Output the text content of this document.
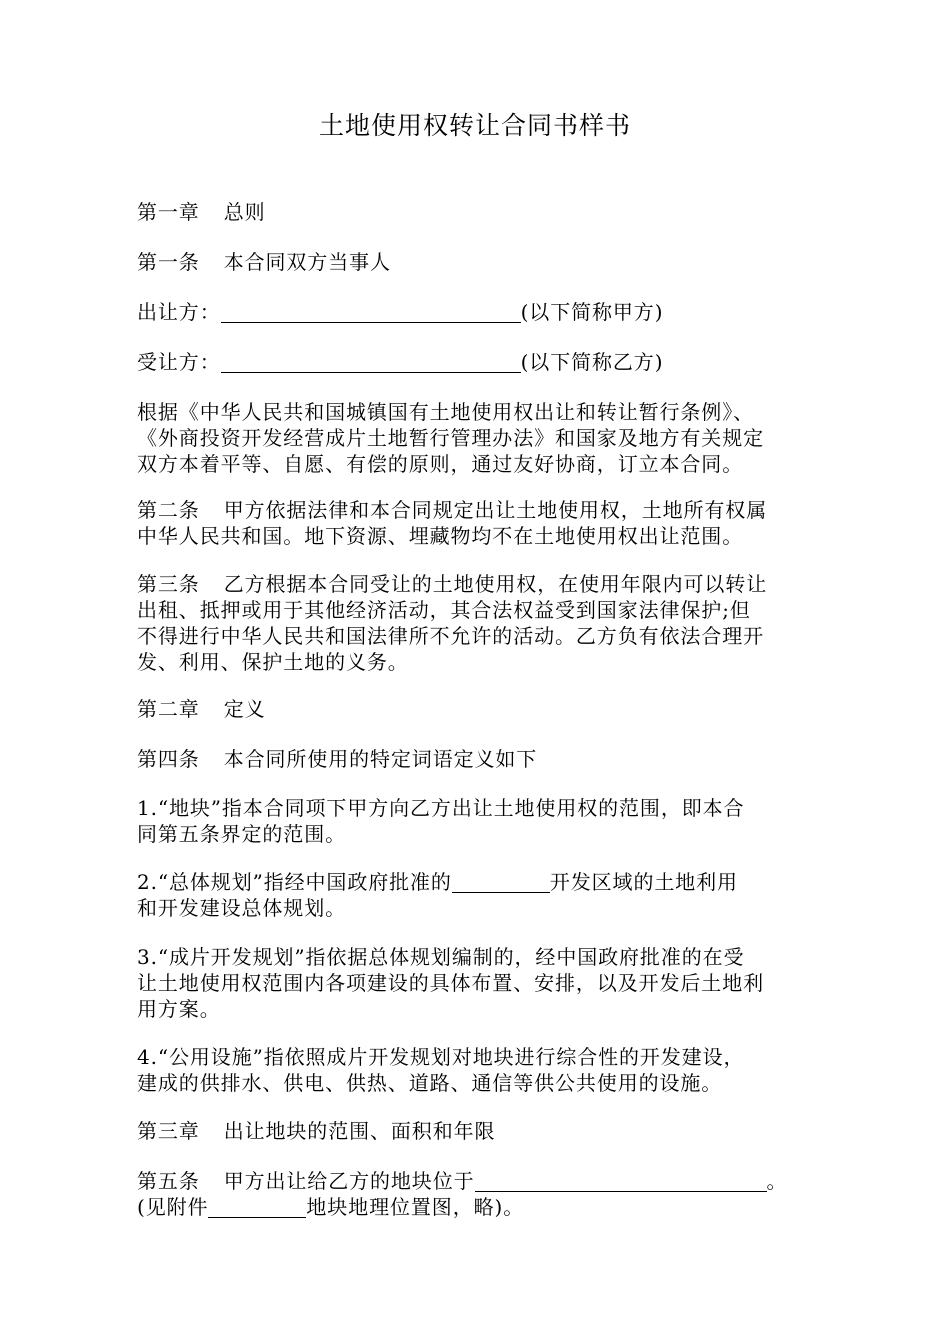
土地使用权转让合同书样书
第一章 总则
第一条 本合同双方当事人
出让方：	(以下简称甲方)
受让方：	(以下简称乙方)
根据《中华人民共和国城镇国有土地使用权出让和转让暂行条例》、
《外商投资开发经营成片土地暂行管理办法》和国家及地方有关规定
双方本着平等、自愿、有偿的原则，通过友好协商，订立本合同。
第二条 甲方依据法律和本合同规定出让土地使用权，土地所有权属
中华人民共和国。地下资源、埋藏物均不在土地使用权出让范围。
第三条 乙方根据本合同受让的土地使用权，在使用年限内可以转让
出租、抵押或用于其他经济活动，其合法权益受到国家法律保护;但
不得进行中华人民共和国法律所不允许的活动。乙方负有依法合理开
发、利用、保护土地的义务。
第二章 定义
第四条 本合同所使用的特定词语定义如下
1.“地块”指本合同项下甲方向乙方出让土地使用权的范围，即本合
同第五条界定的范围。
2.“总体规划”指经中国政府批准的	开发区域的土地利用
和开发建设总体规划。
3.“成片开发规划”指依据总体规划编制的，经中国政府批准的在受
让土地使用权范围内各项建设的具体布置、安排，以及开发后土地利
用方案。
4.“公用设施”指依照成片开发规划对地块进行综合性的开发建设，
建成的供排水、供电、供热、道路、通信等供公共使用的设施。
第三章 出让地块的范围、面积和年限
第五条 甲方出让给乙方的地块位于	。
(见附件	地块地理位置图，略)。
